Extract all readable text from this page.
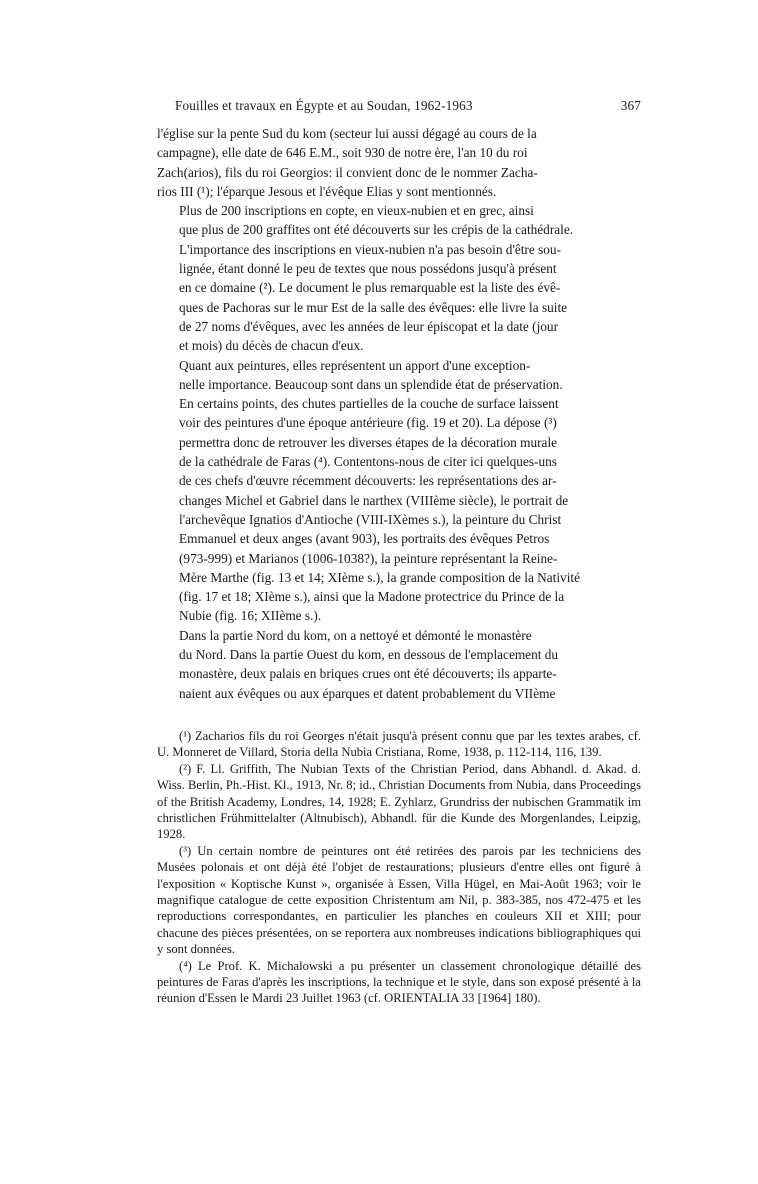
Fouilles et travaux en Égypte et au Soudan, 1962-1963	367

l'église sur la pente Sud du kom (secteur lui aussi dégagé au cours de la
campagne), elle date de 646 E.M., soit 930 de notre ère, l'an 10 du roi
Zach(arios), fils du roi Georgios: il convient donc de le nommer Zacha-
rios III (¹); l'éparque Jesous et l'évêque Elias y sont mentionnés.

Plus de 200 inscriptions en copte, en vieux-nubien et en grec, ainsi
que plus de 200 graffites ont été découverts sur les crépis de la cathédrale.
L'importance des inscriptions en vieux-nubien n'a pas besoin d'être sou-
lignée, étant donné le peu de textes que nous possédons jusqu'à présent
en ce domaine (²). Le document le plus remarquable est la liste des évê-
ques de Pachoras sur le mur Est de la salle des évêques: elle livre la suite
de 27 noms d'évêques, avec les années de leur épiscopat et la date (jour
et mois) du décès de chacun d'eux.

Quant aux peintures, elles représentent un apport d'une exception-
nelle importance. Beaucoup sont dans un splendide état de préservation.
En certains points, des chutes partielles de la couche de surface laissent
voir des peintures d'une époque antérieure (fig. 19 et 20). La dépose (³)
permettra donc de retrouver les diverses étapes de la décoration murale
de la cathédrale de Faras (⁴). Contentons-nous de citer ici quelques-uns
de ces chefs d'œuvre récemment découverts: les représentations des ar-
changes Michel et Gabriel dans le narthex (VIIIème siècle), le portrait de
l'archevêque Ignatios d'Antioche (VIII-IXèmes s.), la peinture du Christ
Emmanuel et deux anges (avant 903), les portraits des évêques Petros
(973-999) et Marianos (1006-1038?), la peinture représentant la Reine-
Mère Marthe (fig. 13 et 14; XIème s.), la grande composition de la Nativité
(fig. 17 et 18; XIème s.), ainsi que la Madone protectrice du Prince de la
Nubie (fig. 16; XIIème s.).

Dans la partie Nord du kom, on a nettoyé et démonté le monastère
du Nord. Dans la partie Ouest du kom, en dessous de l'emplacement du
monastère, deux palais en briques crues ont été découverts; ils apparte-
naient aux évêques ou aux éparques et datent probablement du VIIème

(¹) Zacharios fils du roi Georges n'était jusqu'à présent connu que par les textes arabes, cf. U. Monneret de Villard, Storia della Nubia Cristiana, Rome, 1938, p. 112-114, 116, 139.

(²) F. Ll. Griffith, The Nubian Texts of the Christian Period, dans Abhandl. d. Akad. d. Wiss. Berlin, Ph.-Hist. Kl., 1913, Nr. 8; id., Christian Documents from Nubia, dans Proceedings of the British Academy, Londres, 14, 1928; E. Zyhlarz, Grundriss der nubischen Grammatik im christlichen Frühmittelalter (Altnubisch), Abhandl. für die Kunde des Morgenlandes, Leipzig, 1928.

(³) Un certain nombre de peintures ont été retirées des parois par les techniciens des Musées polonais et ont déjà été l'objet de restaurations; plusieurs d'entre elles ont figuré à l'exposition « Koptische Kunst », organisée à Essen, Villa Hügel, en Mai-Août 1963; voir le magnifique catalogue de cette exposition Christentum am Nil, p. 383-385, nos 472-475 et les reproductions correspondantes, en particulier les planches en couleurs XII et XIII; pour chacune des pièces présentées, on se reportera aux nombreuses indications bibliographiques qui y sont données.

(⁴) Le Prof. K. Michalowski a pu présenter un classement chronologique détaillé des peintures de Faras d'après les inscriptions, la technique et le style, dans son exposé présenté à la réunion d'Essen le Mardi 23 Juillet 1963 (cf. ORIENTALIA 33 [1964] 180).
